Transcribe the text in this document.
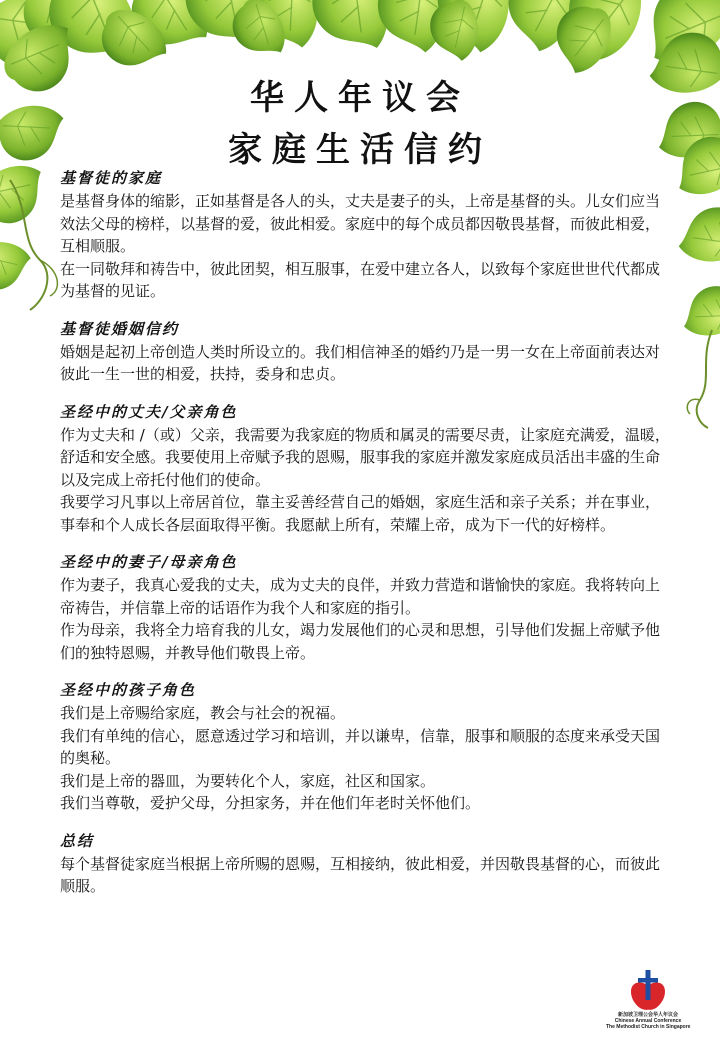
华人年议会
家庭生活信约
基督徒的家庭

是基督身体的缩影，正如基督是各人的头，丈夫是妻子的头，上帝是基督的头。儿女们应当效法父母的榜样，以基督的爱，彼此相爱。家庭中的每个成员都因敬畏基督，而彼此相爱，互相顺服。

在一同敬拜和祷告中，彼此团契，相互服事，在爱中建立各人，以致每个家庭世世代代都成为基督的见证。

基督徒婚姻信约

婚姻是起初上帝创造人类时所设立的。我们相信神圣的婚约乃是一男一女在上帝面前表达对彼此一生一世的相爱，扶持，委身和忠贞。

圣经中的丈夫/父亲角色

作为丈夫和 /（或）父亲，我需要为我家庭的物质和属灵的需要尽责，让家庭充满爱，温暖，舒适和安全感。我要使用上帝赋予我的恩赐，服事我的家庭并激发家庭成员活出丰盛的生命以及完成上帝托付他们的使命。

我要学习凡事以上帝居首位，靠主妥善经营自己的婚姻，家庭生活和亲子关系；并在事业，事奉和个人成长各层面取得平衡。我愿献上所有，荣耀上帝，成为下一代的好榜样。

圣经中的妻子/母亲角色

作为妻子，我真心爱我的丈夫，成为丈夫的良伴，并致力营造和谐愉快的家庭。我将转向上帝祷告，并信靠上帝的话语作为我个人和家庭的指引。

作为母亲，我将全力培育我的儿女，竭力发展他们的心灵和思想，引导他们发掘上帝赋予他们的独特恩赐，并教导他们敬畏上帝。

圣经中的孩子角色

我们是上帝赐给家庭，教会与社会的祝福。

我们有单纯的信心，愿意透过学习和培训，并以谦卑，信靠，服事和顺服的态度来承受天国的奥秘。

我们是上帝的器皿，为要转化个人，家庭，社区和国家。

我们当尊敬，爱护父母，分担家务，并在他们年老时关怀他们。

总结

每个基督徒家庭当根据上帝所赐的恩赐，互相接纳，彼此相爱，并因敬畏基督的心，而彼此顺服。

新加坡卫理公会华人年议会
Chinese Annual Conference
The Methodist Church in Singapore
